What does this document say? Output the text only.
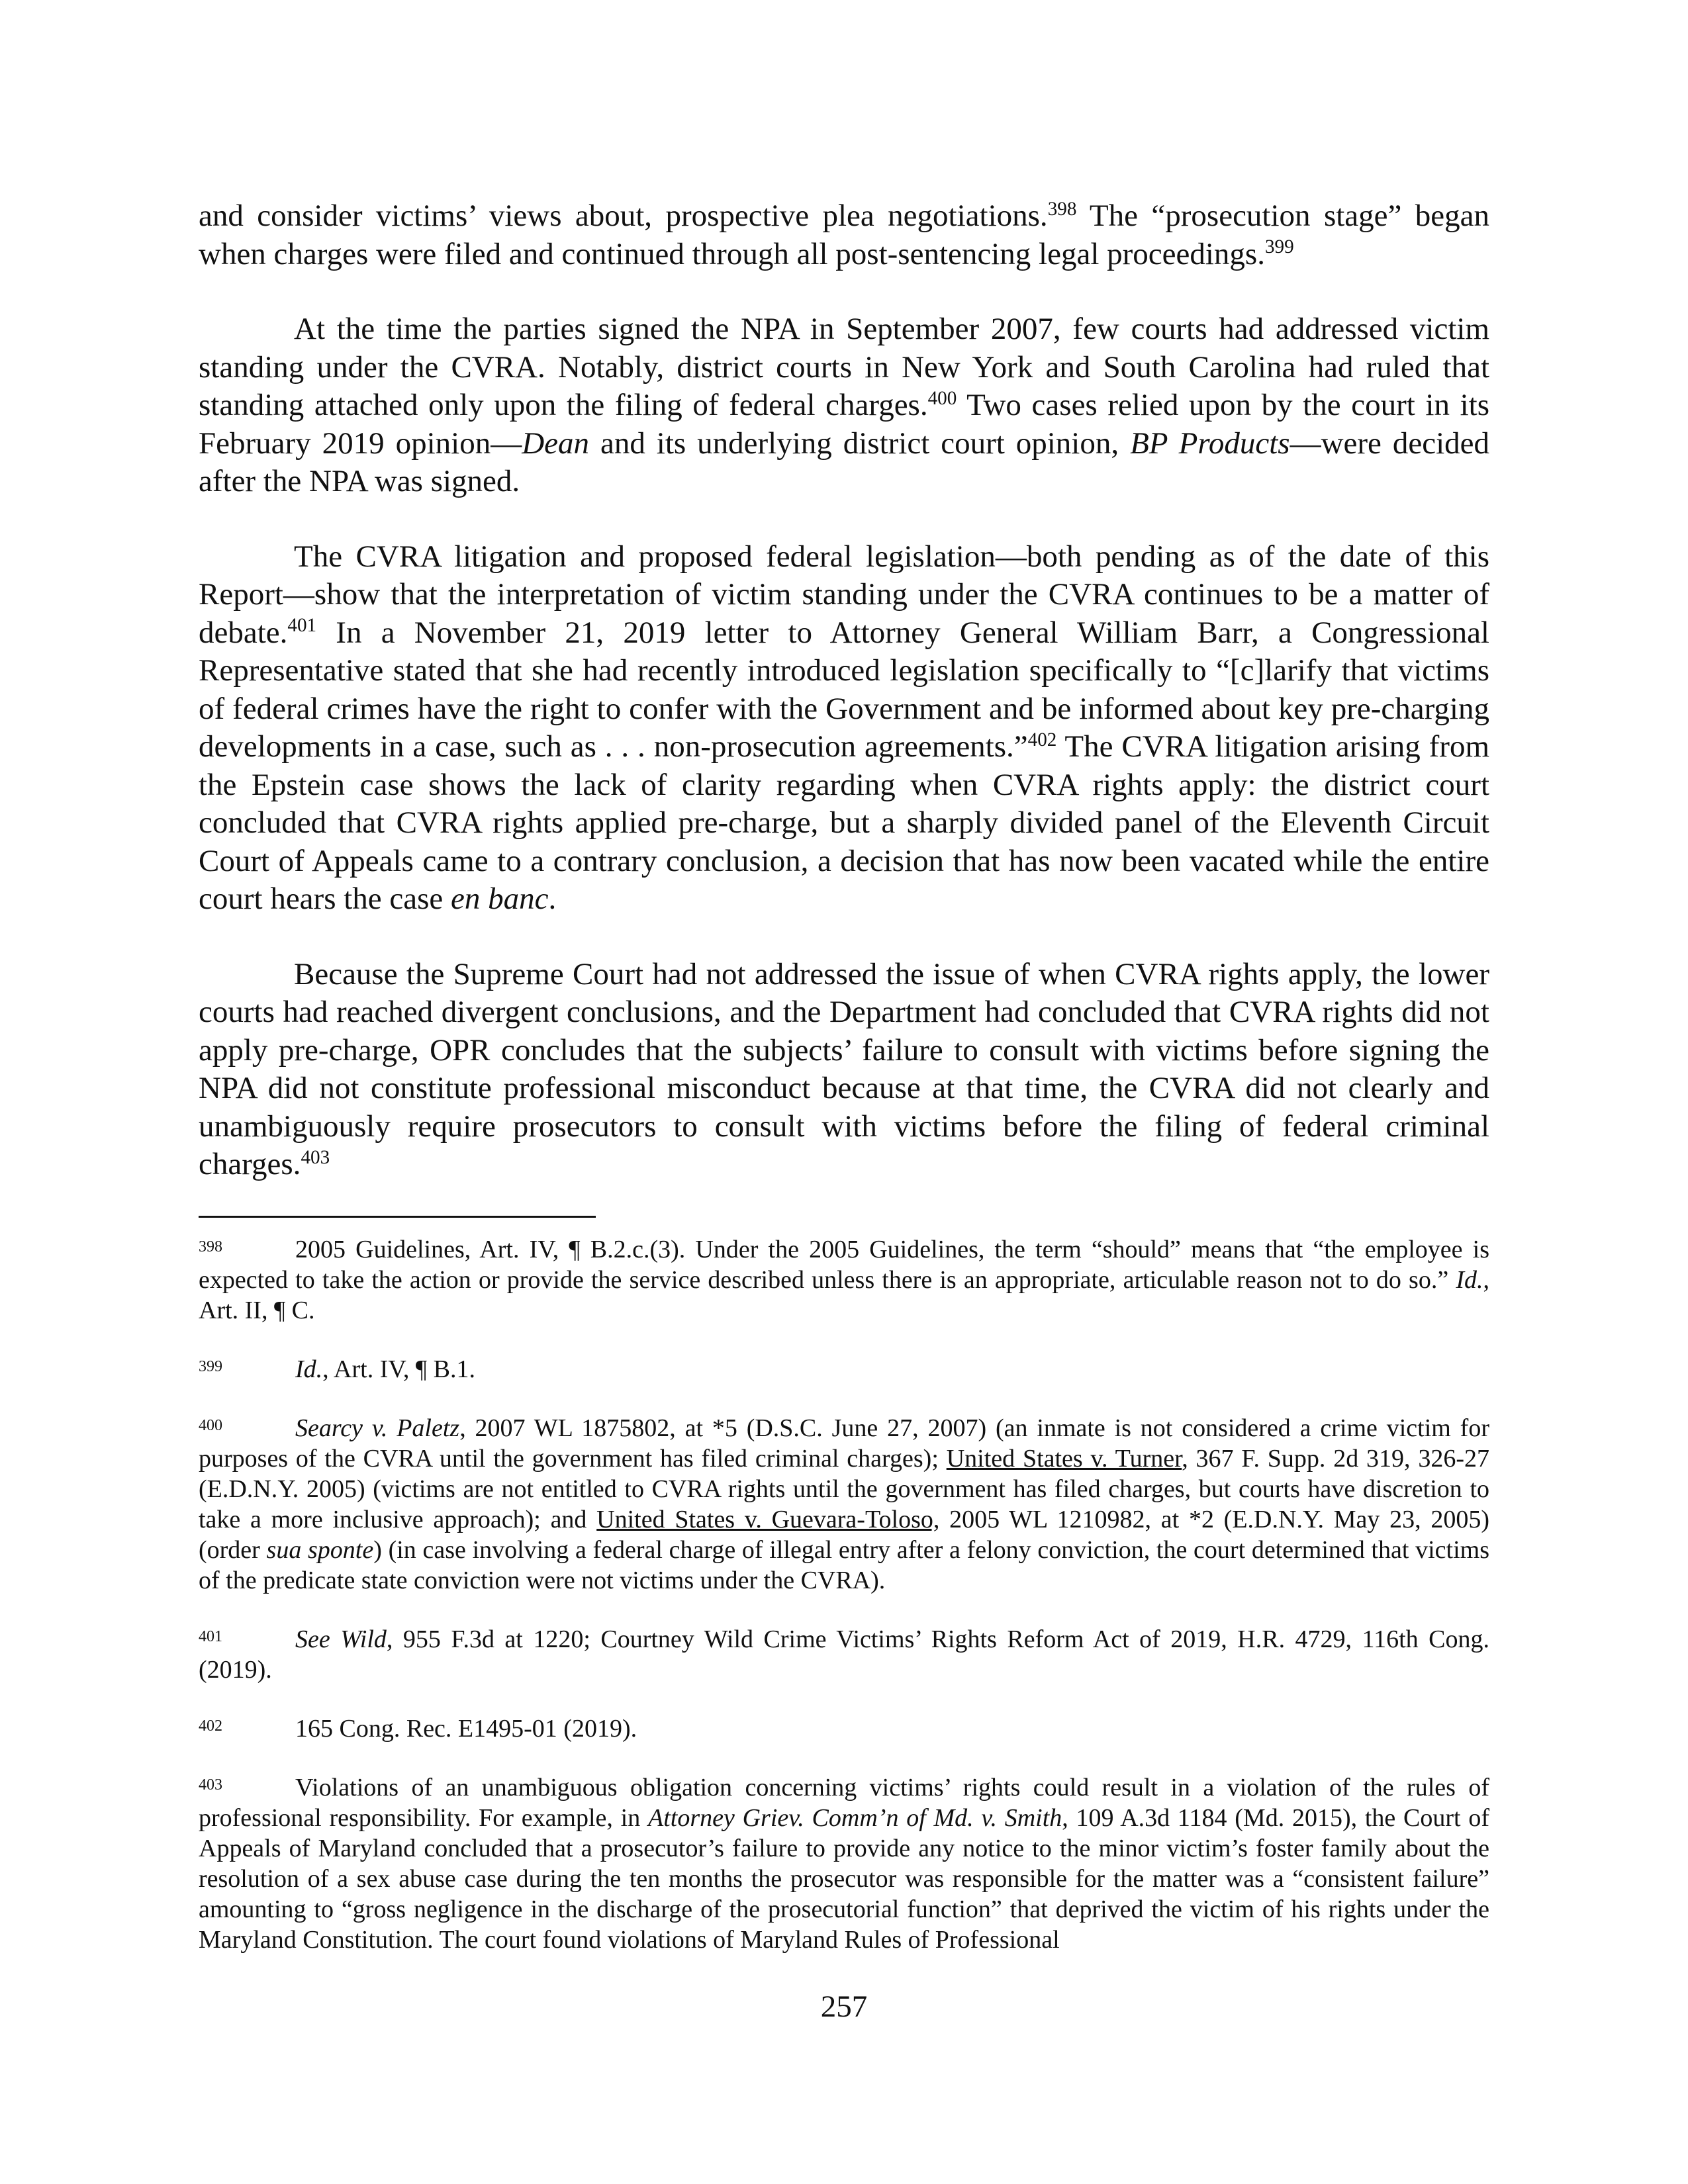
and consider victims’ views about, prospective plea negotiations.$^{398}$ The “prosecution stage” began when charges were filed and continued through all post-sentencing legal proceedings.$^{399}$

At the time the parties signed the NPA in September 2007, few courts had addressed victim standing under the CVRA. Notably, district courts in New York and South Carolina had ruled that standing attached only upon the filing of federal charges.$^{400}$ Two cases relied upon by the court in its February 2019 opinion—Dean and its underlying district court opinion, BP Products—were decided after the NPA was signed.

The CVRA litigation and proposed federal legislation—both pending as of the date of this Report—show that the interpretation of victim standing under the CVRA continues to be a matter of debate.$^{401}$ In a November 21, 2019 letter to Attorney General William Barr, a Congressional Representative stated that she had recently introduced legislation specifically to “[c]larify that victims of federal crimes have the right to confer with the Government and be informed about key pre-charging developments in a case, such as . . . non-prosecution agreements.”$^{402}$ The CVRA litigation arising from the Epstein case shows the lack of clarity regarding when CVRA rights apply: the district court concluded that CVRA rights applied pre-charge, but a sharply divided panel of the Eleventh Circuit Court of Appeals came to a contrary conclusion, a decision that has now been vacated while the entire court hears the case en banc.

Because the Supreme Court had not addressed the issue of when CVRA rights apply, the lower courts had reached divergent conclusions, and the Department had concluded that CVRA rights did not apply pre-charge, OPR concludes that the subjects’ failure to consult with victims before signing the NPA did not constitute professional misconduct because at that time, the CVRA did not clearly and unambiguously require prosecutors to consult with victims before the filing of federal criminal charges.$^{403}$

398	2005 Guidelines, Art. IV, ¶ B.2.c.(3). Under the 2005 Guidelines, the term “should” means that “the employee is expected to take the action or provide the service described unless there is an appropriate, articulable reason not to do so.” Id., Art. II, ¶ C.
399	Id., Art. IV, ¶ B.1.
400	Searcy v. Paletz, 2007 WL 1875802, at *5 (D.S.C. June 27, 2007) (an inmate is not considered a crime victim for purposes of the CVRA until the government has filed criminal charges); United States v. Turner, 367 F. Supp. 2d 319, 326-27 (E.D.N.Y. 2005) (victims are not entitled to CVRA rights until the government has filed charges, but courts have discretion to take a more inclusive approach); and United States v. Guevara-Toloso, 2005 WL 1210982, at *2 (E.D.N.Y. May 23, 2005) (order sua sponte) (in case involving a federal charge of illegal entry after a felony conviction, the court determined that victims of the predicate state conviction were not victims under the CVRA).
401	See Wild, 955 F.3d at 1220; Courtney Wild Crime Victims’ Rights Reform Act of 2019, H.R. 4729, 116th Cong. (2019).
402	165 Cong. Rec. E1495-01 (2019).
403	Violations of an unambiguous obligation concerning victims’ rights could result in a violation of the rules of professional responsibility. For example, in Attorney Griev. Comm’n of Md. v. Smith, 109 A.3d 1184 (Md. 2015), the Court of Appeals of Maryland concluded that a prosecutor’s failure to provide any notice to the minor victim’s foster family about the resolution of a sex abuse case during the ten months the prosecutor was responsible for the matter was a “consistent failure” amounting to “gross negligence in the discharge of the prosecutorial function” that deprived the victim of his rights under the Maryland Constitution. The court found violations of Maryland Rules of Professional
257
